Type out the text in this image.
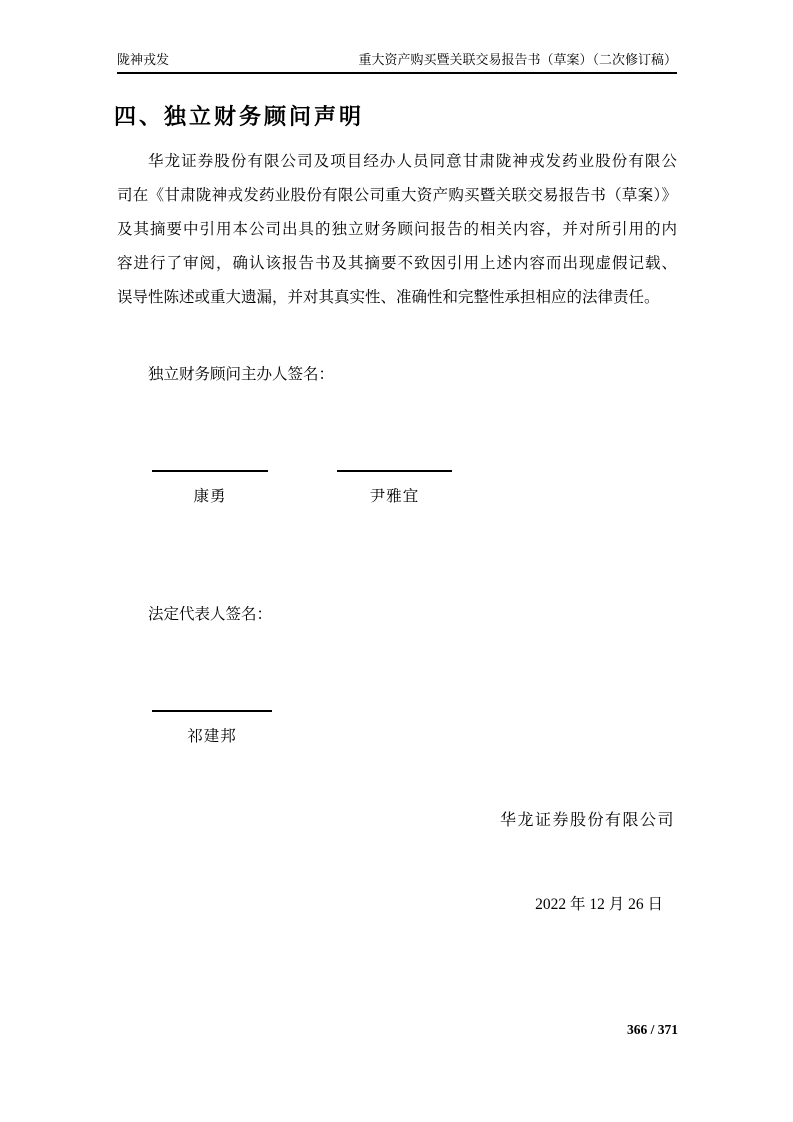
陇神戎发	重大资产购买暨关联交易报告书（草案）（二次修订稿）
四、独立财务顾问声明
华龙证券股份有限公司及项目经办人员同意甘肃陇神戎发药业股份有限公
司在《甘肃陇神戎发药业股份有限公司重大资产购买暨关联交易报告书（草案）》
及其摘要中引用本公司出具的独立财务顾问报告的相关内容，并对所引用的内
容进行了审阅，确认该报告书及其摘要不致因引用上述内容而出现虚假记载、
误导性陈述或重大遗漏，并对其真实性、准确性和完整性承担相应的法律责任。
独立财务顾问主办人签名：
康勇	尹雅宜
法定代表人签名：
祁建邦
华龙证券股份有限公司
2022 年 12 月 26 日
366 / 371
